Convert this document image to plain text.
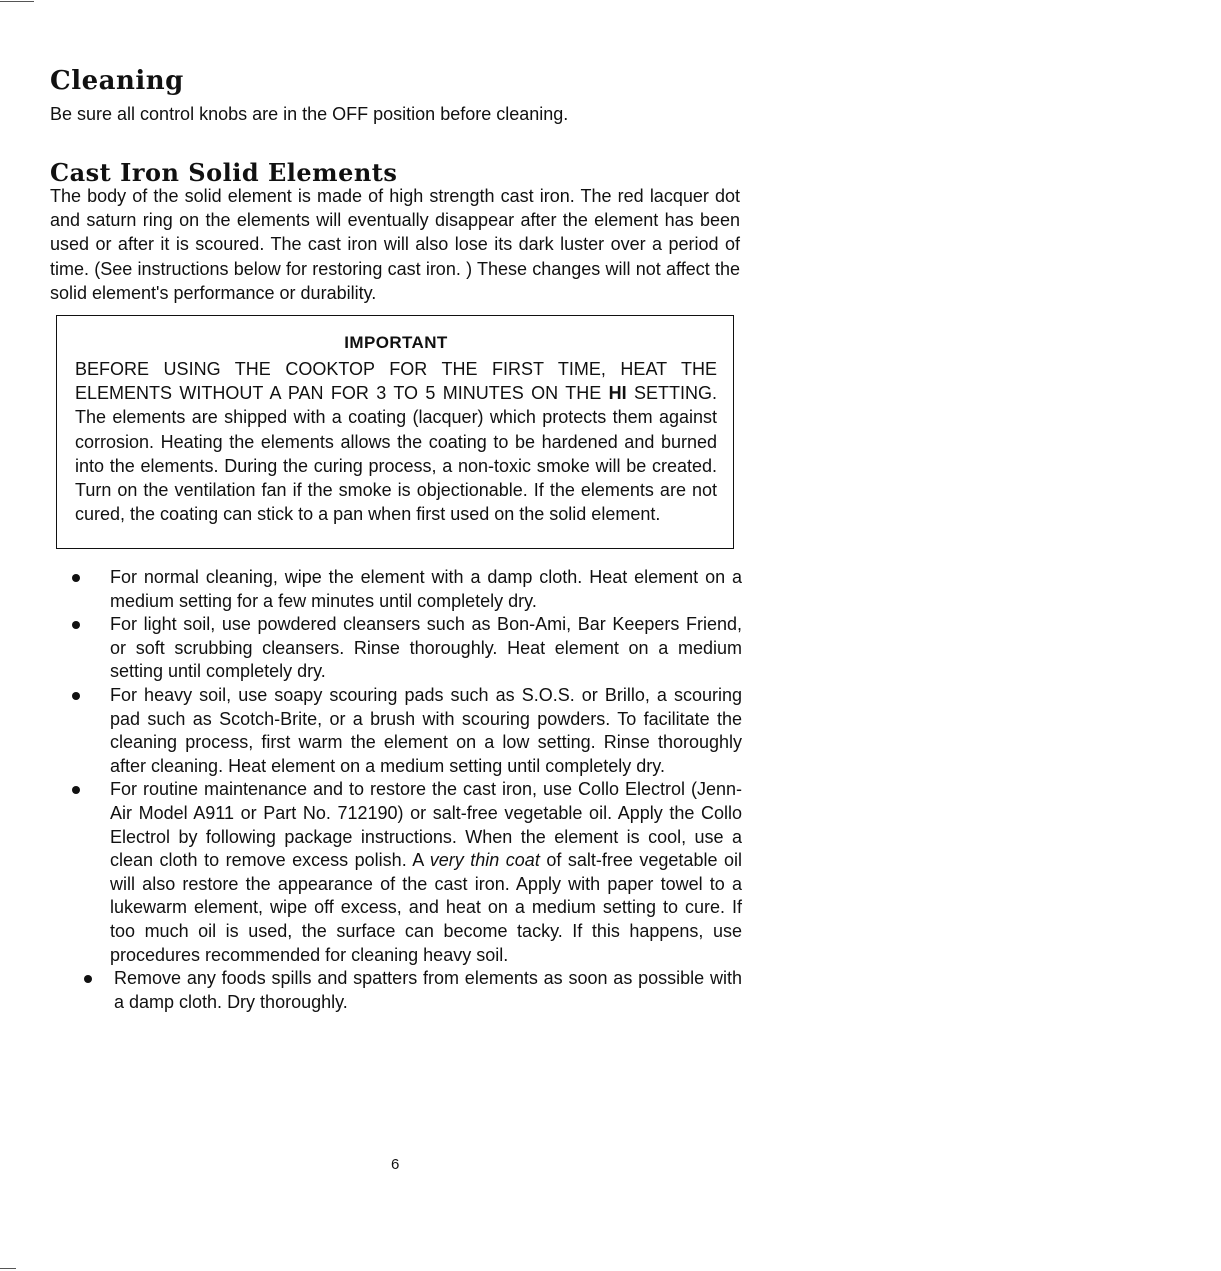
Cleaning

Be sure all control knobs are in the OFF position before cleaning.

Cast Iron Solid Elements

The body of the solid element is made of high strength cast iron. The red lacquer dot and saturn ring on the elements will eventually disappear after the element has been used or after it is scoured. The cast iron will also lose its dark luster over a period of time. (See instructions below for restoring cast iron. ) These changes will not affect the solid element's performance or durability.

IMPORTANT

BEFORE USING THE COOKTOP FOR THE FIRST TIME, HEAT THE ELEMENTS WITHOUT A PAN FOR 3 TO 5 MINUTES ON THE HI SETTING. The elements are shipped with a coating (lacquer) which protects them against corrosion. Heating the elements allows the coating to be hardened and burned into the elements. During the curing process, a non-toxic smoke will be created. Turn on the ventilation fan if the smoke is objectionable. If the elements are not cured, the coating can stick to a pan when first used on the solid element.

For normal cleaning, wipe the element with a damp cloth. Heat element on a medium setting for a few minutes until completely dry.
For light soil, use powdered cleansers such as Bon-Ami, Bar Keepers Friend, or soft scrubbing cleansers. Rinse thoroughly. Heat element on a medium setting until completely dry.
For heavy soil, use soapy scouring pads such as S.O.S. or Brillo, a scouring pad such as Scotch-Brite, or a brush with scouring powders. To facilitate the cleaning process, first warm the element on a low setting. Rinse thoroughly after cleaning. Heat element on a medium setting until completely dry.
For routine maintenance and to restore the cast iron, use Collo Electrol (Jenn-Air Model A911 or Part No. 712190) or salt-free vegetable oil. Apply the Collo Electrol by following package instructions. When the element is cool, use a clean cloth to remove excess polish. A very thin coat of salt-free vegetable oil will also restore the appearance of the cast iron. Apply with paper towel to a lukewarm element, wipe off excess, and heat on a medium setting to cure. If too much oil is used, the surface can become tacky. If this happens, use procedures recommended for cleaning heavy soil.
Remove any foods spills and spatters from elements as soon as possible with a damp cloth. Dry thoroughly.
6
